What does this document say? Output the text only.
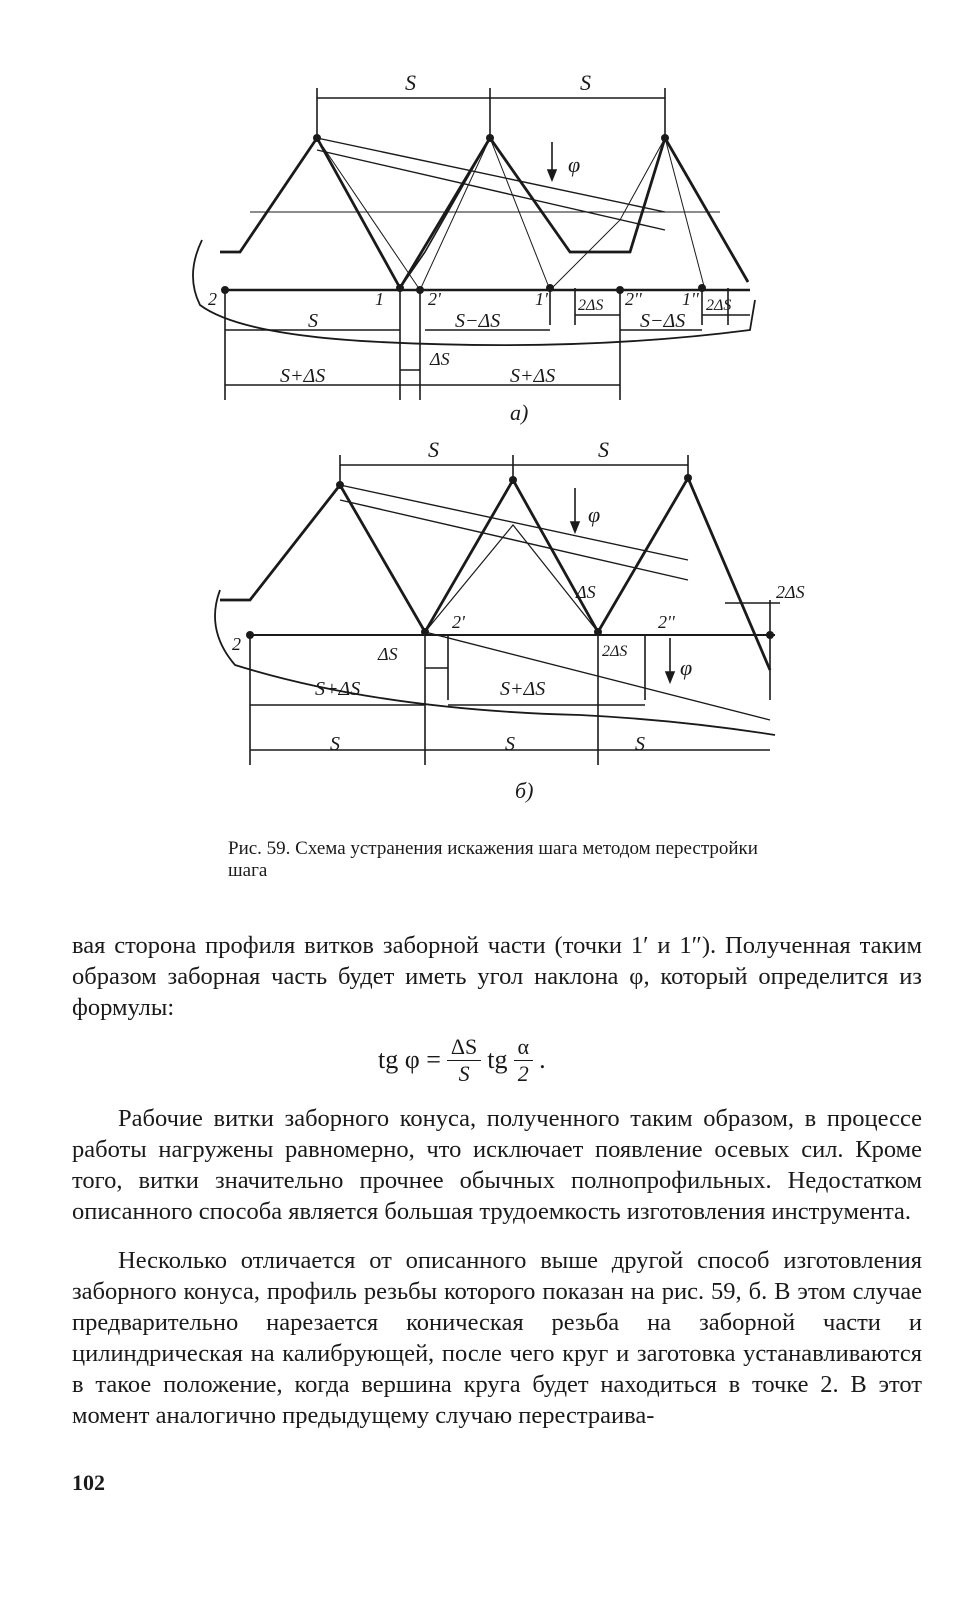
S	S
φ
2	1 2'	1'	2'' 1''
S	S−ΔS
2ΔS
S−ΔS
2ΔS
S+ΔS
ΔS
S+ΔS
а)
S	S
φ
φ
2
2'	2''
ΔS
2ΔS
2ΔS
ΔS
S+ΔS	S+ΔS
S	S	S
б)
Рис. 59. Схема устранения искажения шага методом перестройки шага

вая сторона профиля витков заборной части (точки 1′ и 1″). Полученная таким образом заборная часть будет иметь угол наклона φ, который определится из формулы:

tg $\varphi = \frac{\Delta S}{S}$ tg $\frac{\alpha}{2}$ .

Рабочие витки заборного конуса, полученного таким образом, в процессе работы нагружены равномерно, что исключает появление осевых сил. Кроме того, витки значительно прочнее обычных полнопрофильных. Недостатком описанного способа является большая трудоемкость изготовления инструмента.

Несколько отличается от описанного выше другой способ изготовления заборного конуса, профиль резьбы которого показан на рис. 59, б. В этом случае предварительно нарезается коническая резьба на заборной части и цилиндрическая на калибрующей, после чего круг и заготовка устанавливаются в такое положение, когда вершина круга будет находиться в точке 2. В этот момент аналогично предыдущему случаю перестраива-

102
